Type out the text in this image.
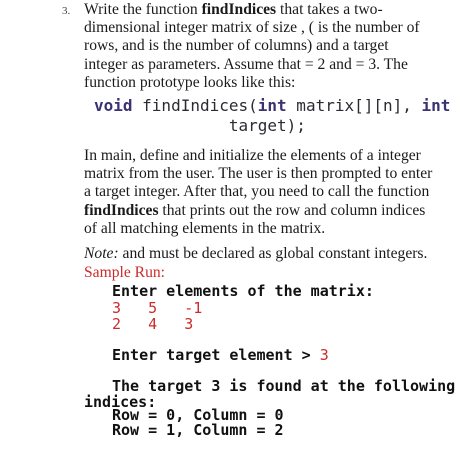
3. Write the function findIndices that takes a two-dimensional integer matrix of size , ( is the number of rows, and is the number of columns) and a target integer as parameters. Assume that = 2 and = 3. The function prototype looks like this:

void findIndices(int matrix[][n], int
target);

In main, define and initialize the elements of a integer matrix from the user. The user is then prompted to enter a target integer. After that, you need to call the function findIndices that prints out the row and column indices of all matching elements in the matrix.

Note: and must be declared as global constant integers.
Sample Run:
Enter elements of the matrix:
3   5   -1
2   4   3
Enter target element > 3
The target 3 is found at the following
indices:
Row = 0, Column = 0
Row = 1, Column = 2
